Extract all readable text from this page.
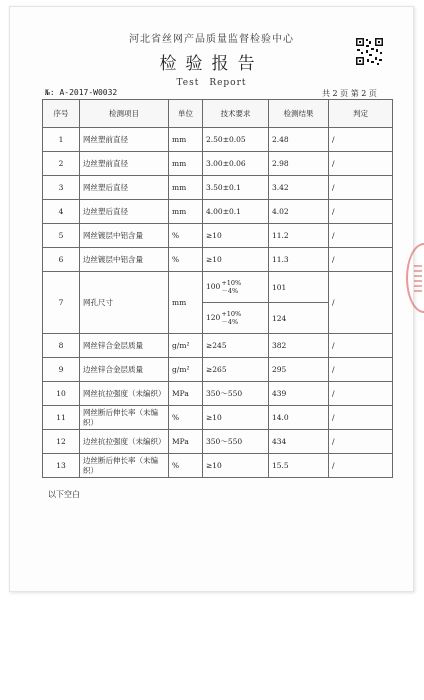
河北省丝网产品质量监督检验中心
检验报告
Test　Report
№: A-2017-W0032	共 2 页 第 2 页
序号	检测项目	单位	技术要求	检测结果	判定
1	网丝塑前直径	mm	2.50±0.05	2.48	/
2	边丝塑前直径	mm	3.00±0.06	2.98	/
3	网丝塑后直径	mm	3.50±0.1	3.42	/
4	边丝塑后直径	mm	4.00±0.1	4.02	/
5	网丝镀层中铝含量	%	≥10	11.2	/
6	边丝镀层中铝含量	%	≥10	11.3	/
7	网孔尺寸	mm	100 +10%
－4%	101	/
			120 +10%
－4%	124	
8	网丝锌合金层质量	g/m²	≥245	382	/
9	边丝锌合金层质量	g/m²	≥265	295	/
10	网丝抗拉强度（未编织）	MPa	350～550	439	/
11	网丝断后伸长率（未编织）	%	≥10	14.0	/
12	边丝抗拉强度（未编织）	MPa	350～550	434	/
13	边丝断后伸长率（未编织）	%	≥10	15.5	/
以下空白
